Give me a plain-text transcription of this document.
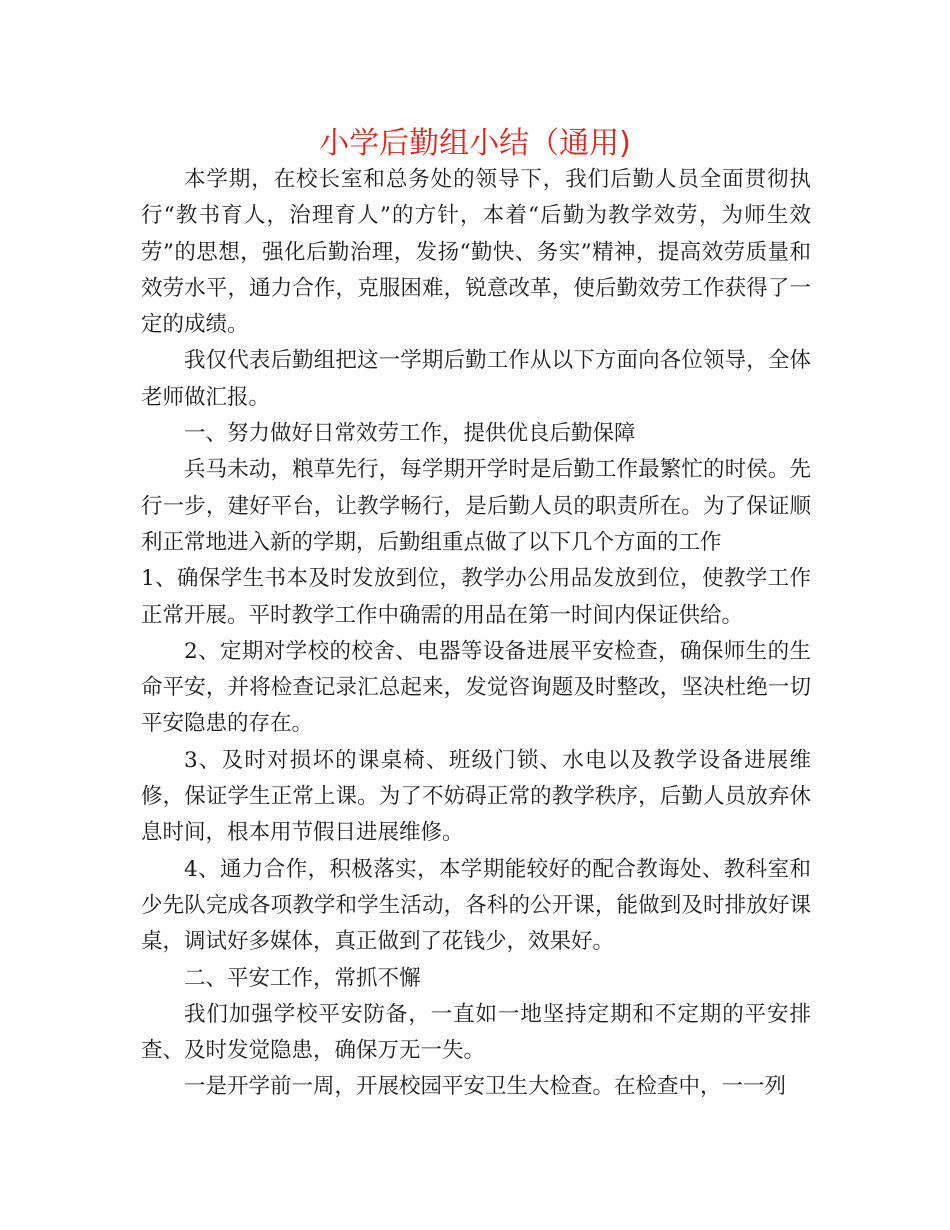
小学后勤组小结（通用)

本学期，在校长室和总务处的领导下，我们后勤人员全面贯彻执行“教书育人，治理育人”的方针，本着“后勤为教学效劳，为师生效劳”的思想，强化后勤治理，发扬“勤快、务实”精神，提高效劳质量和效劳水平，通力合作，克服困难，锐意改革，使后勤效劳工作获得了一定的成绩。

我仅代表后勤组把这一学期后勤工作从以下方面向各位领导，全体老师做汇报。

一、努力做好日常效劳工作，提供优良后勤保障

兵马未动，粮草先行，每学期开学时是后勤工作最繁忙的时侯。先行一步，建好平台，让教学畅行，是后勤人员的职责所在。为了保证顺利正常地进入新的学期，后勤组重点做了以下几个方面的工作

1、确保学生书本及时发放到位，教学办公用品发放到位，使教学工作正常开展。平时教学工作中确需的用品在第一时间内保证供给。

2、定期对学校的校舍、电器等设备进展平安检查，确保师生的生命平安，并将检查记录汇总起来，发觉咨询题及时整改，坚决杜绝一切平安隐患的存在。

3、及时对损坏的课桌椅、班级门锁、水电以及教学设备进展维修，保证学生正常上课。为了不妨碍正常的教学秩序，后勤人员放弃休息时间，根本用节假日进展维修。

4、通力合作，积极落实，本学期能较好的配合教诲处、教科室和少先队完成各项教学和学生活动，各科的公开课，能做到及时排放好课桌，调试好多媒体，真正做到了花钱少，效果好。

二、平安工作，常抓不懈

我们加强学校平安防备，一直如一地坚持定期和不定期的平安排查、及时发觉隐患，确保万无一失。

一是开学前一周，开展校园平安卫生大检查。在检查中，一一列
